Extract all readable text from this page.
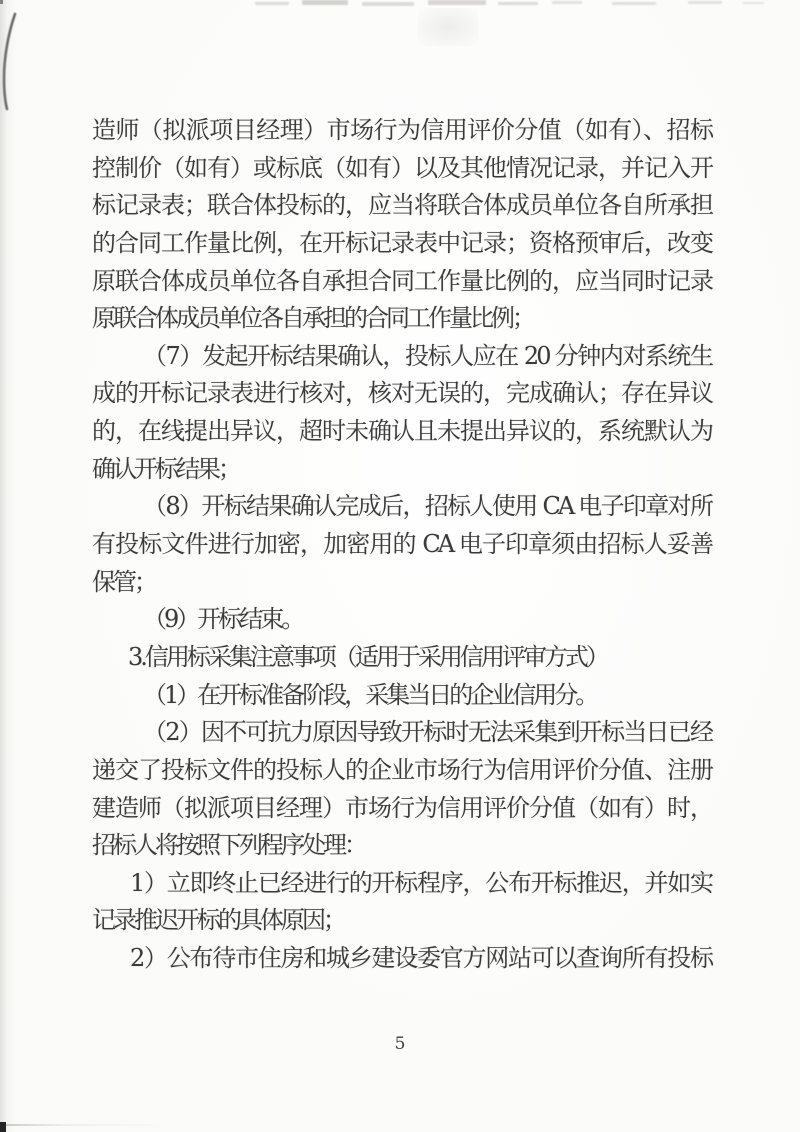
造师（拟派项目经理）市场行为信用评价分值（如有）、招标
控制价（如有）或标底（如有）以及其他情况记录，并记入开
标记录表；联合体投标的，应当将联合体成员单位各自所承担
的合同工作量比例，在开标记录表中记录；资格预审后，改变
原联合体成员单位各自承担合同工作量比例的，应当同时记录
原联合体成员单位各自承担的合同工作量比例；
（7）发起开标结果确认，投标人应在 20 分钟内对系统生
成的开标记录表进行核对，核对无误的，完成确认；存在异议
的，在线提出异议，超时未确认且未提出异议的，系统默认为
确认开标结果；
（8）开标结果确认完成后，招标人使用 CA 电子印章对所
有投标文件进行加密，加密用的 CA 电子印章须由招标人妥善
保管；
（9）开标结束。
3.信用标采集注意事项（适用于采用信用评审方式）
（1）在开标准备阶段，采集当日的企业信用分。
（2）因不可抗力原因导致开标时无法采集到开标当日已经
递交了投标文件的投标人的企业市场行为信用评价分值、注册
建造师（拟派项目经理）市场行为信用评价分值（如有）时，
招标人将按照下列程序处理：
1）立即终止已经进行的开标程序，公布开标推迟，并如实
记录推迟开标的具体原因；
2）公布待市住房和城乡建设委官方网站可以查询所有投标
5
